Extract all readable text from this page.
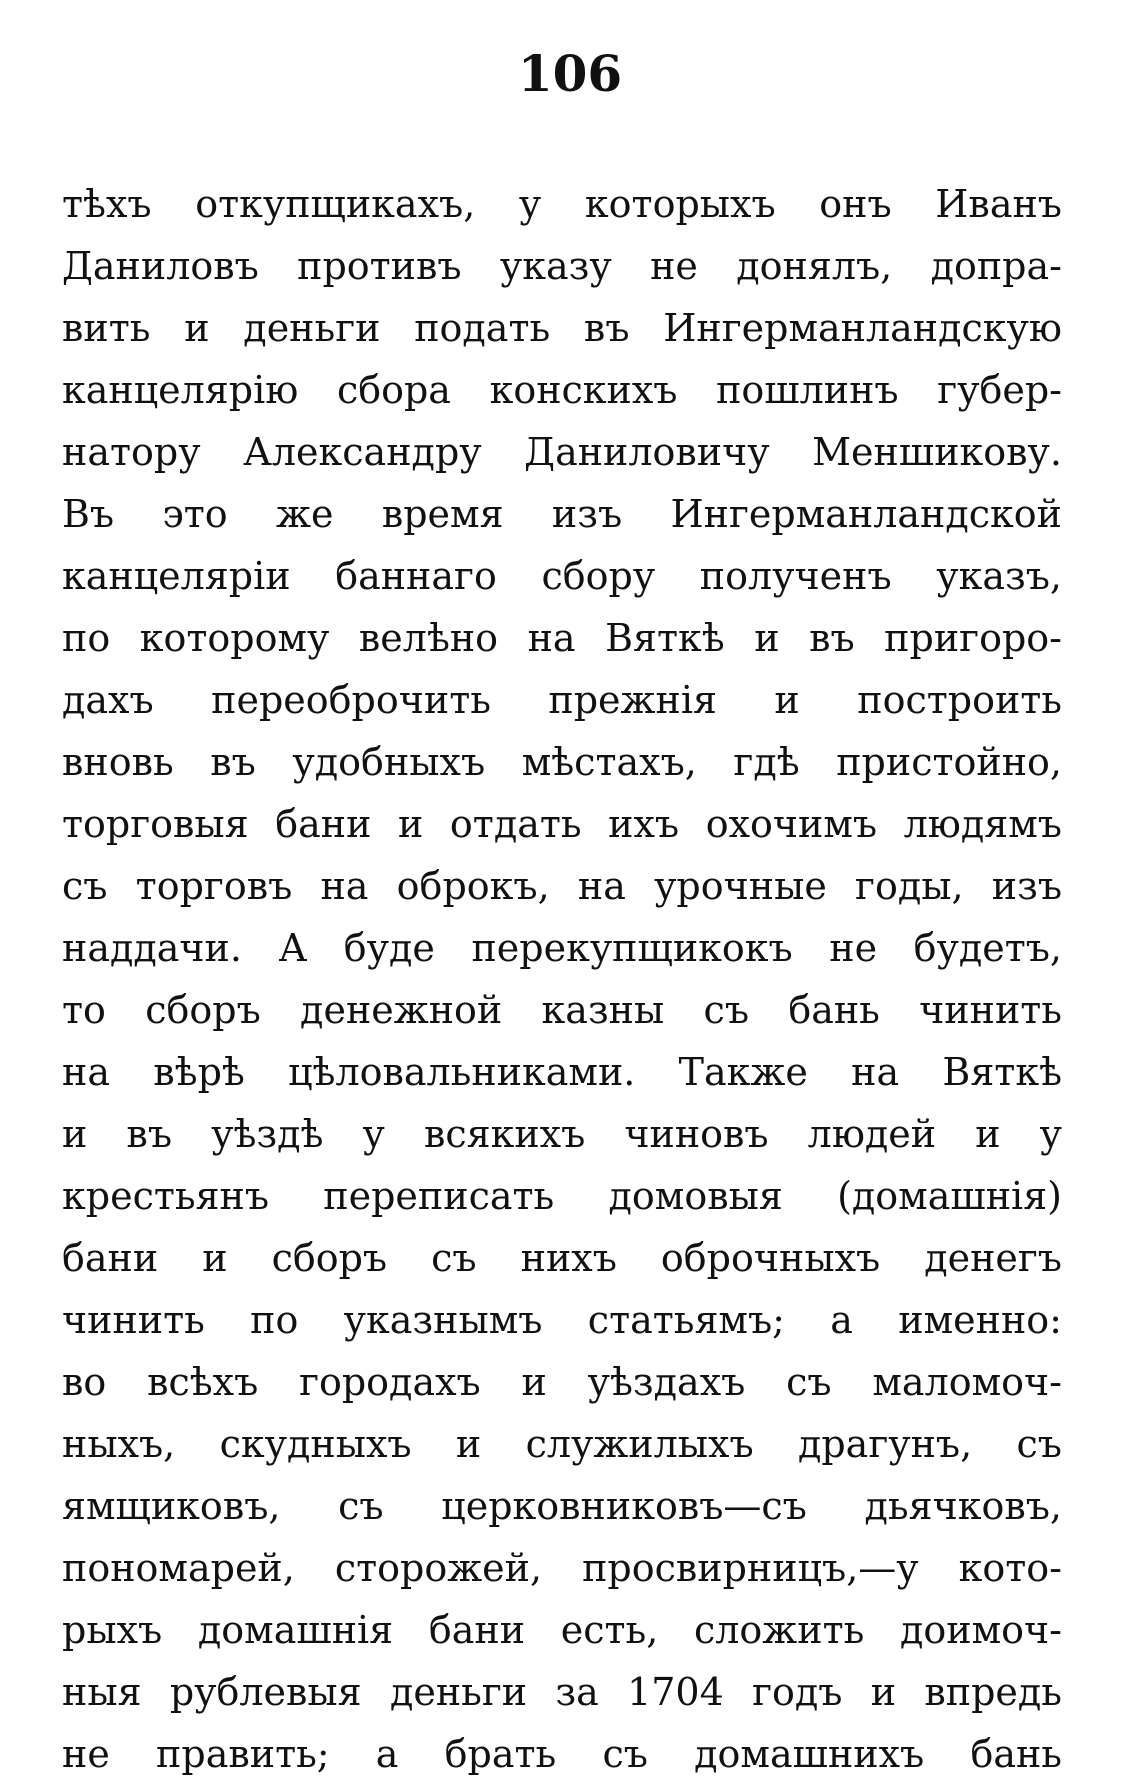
106
тѣхъ откупщикахъ, у которыхъ онъ Иванъ
Даниловъ противъ указу не донялъ, допра-
вить и деньги подать въ Ингерманландскую
канцелярію сбора конскихъ пошлинъ губер-
натору Александру Даниловичу Меншикову.
Въ это же время изъ Ингерманландской
канцеляріи баннаго сбору полученъ указъ,
по которому велѣно на Вяткѣ и въ пригоро-
дахъ переоброчить прежнія и построить
вновь въ удобныхъ мѣстахъ, гдѣ пристойно,
торговыя бани и отдать ихъ охочимъ людямъ
съ торговъ на оброкъ, на урочные годы, изъ
наддачи. А буде перекупщикокъ не будетъ,
то сборъ денежной казны съ бань чинить
на вѣрѣ цѣловальниками. Также на Вяткѣ
и въ уѣздѣ у всякихъ чиновъ людей и у
крестьянъ переписать домовыя (домашнія)
бани и сборъ съ нихъ оброчныхъ денегъ
чинить по указнымъ статьямъ; а именно:
во всѣхъ городахъ и уѣздахъ съ маломоч-
ныхъ, скудныхъ и служилыхъ драгунъ, съ
ямщиковъ, съ церковниковъ—съ дьячковъ,
пономарей, сторожей, просвирницъ,—у кото-
рыхъ домашнія бани есть, сложить доимоч-
ныя рублевыя деньги за 1704 годъ и впредь
не править; а брать съ домашнихъ бань
